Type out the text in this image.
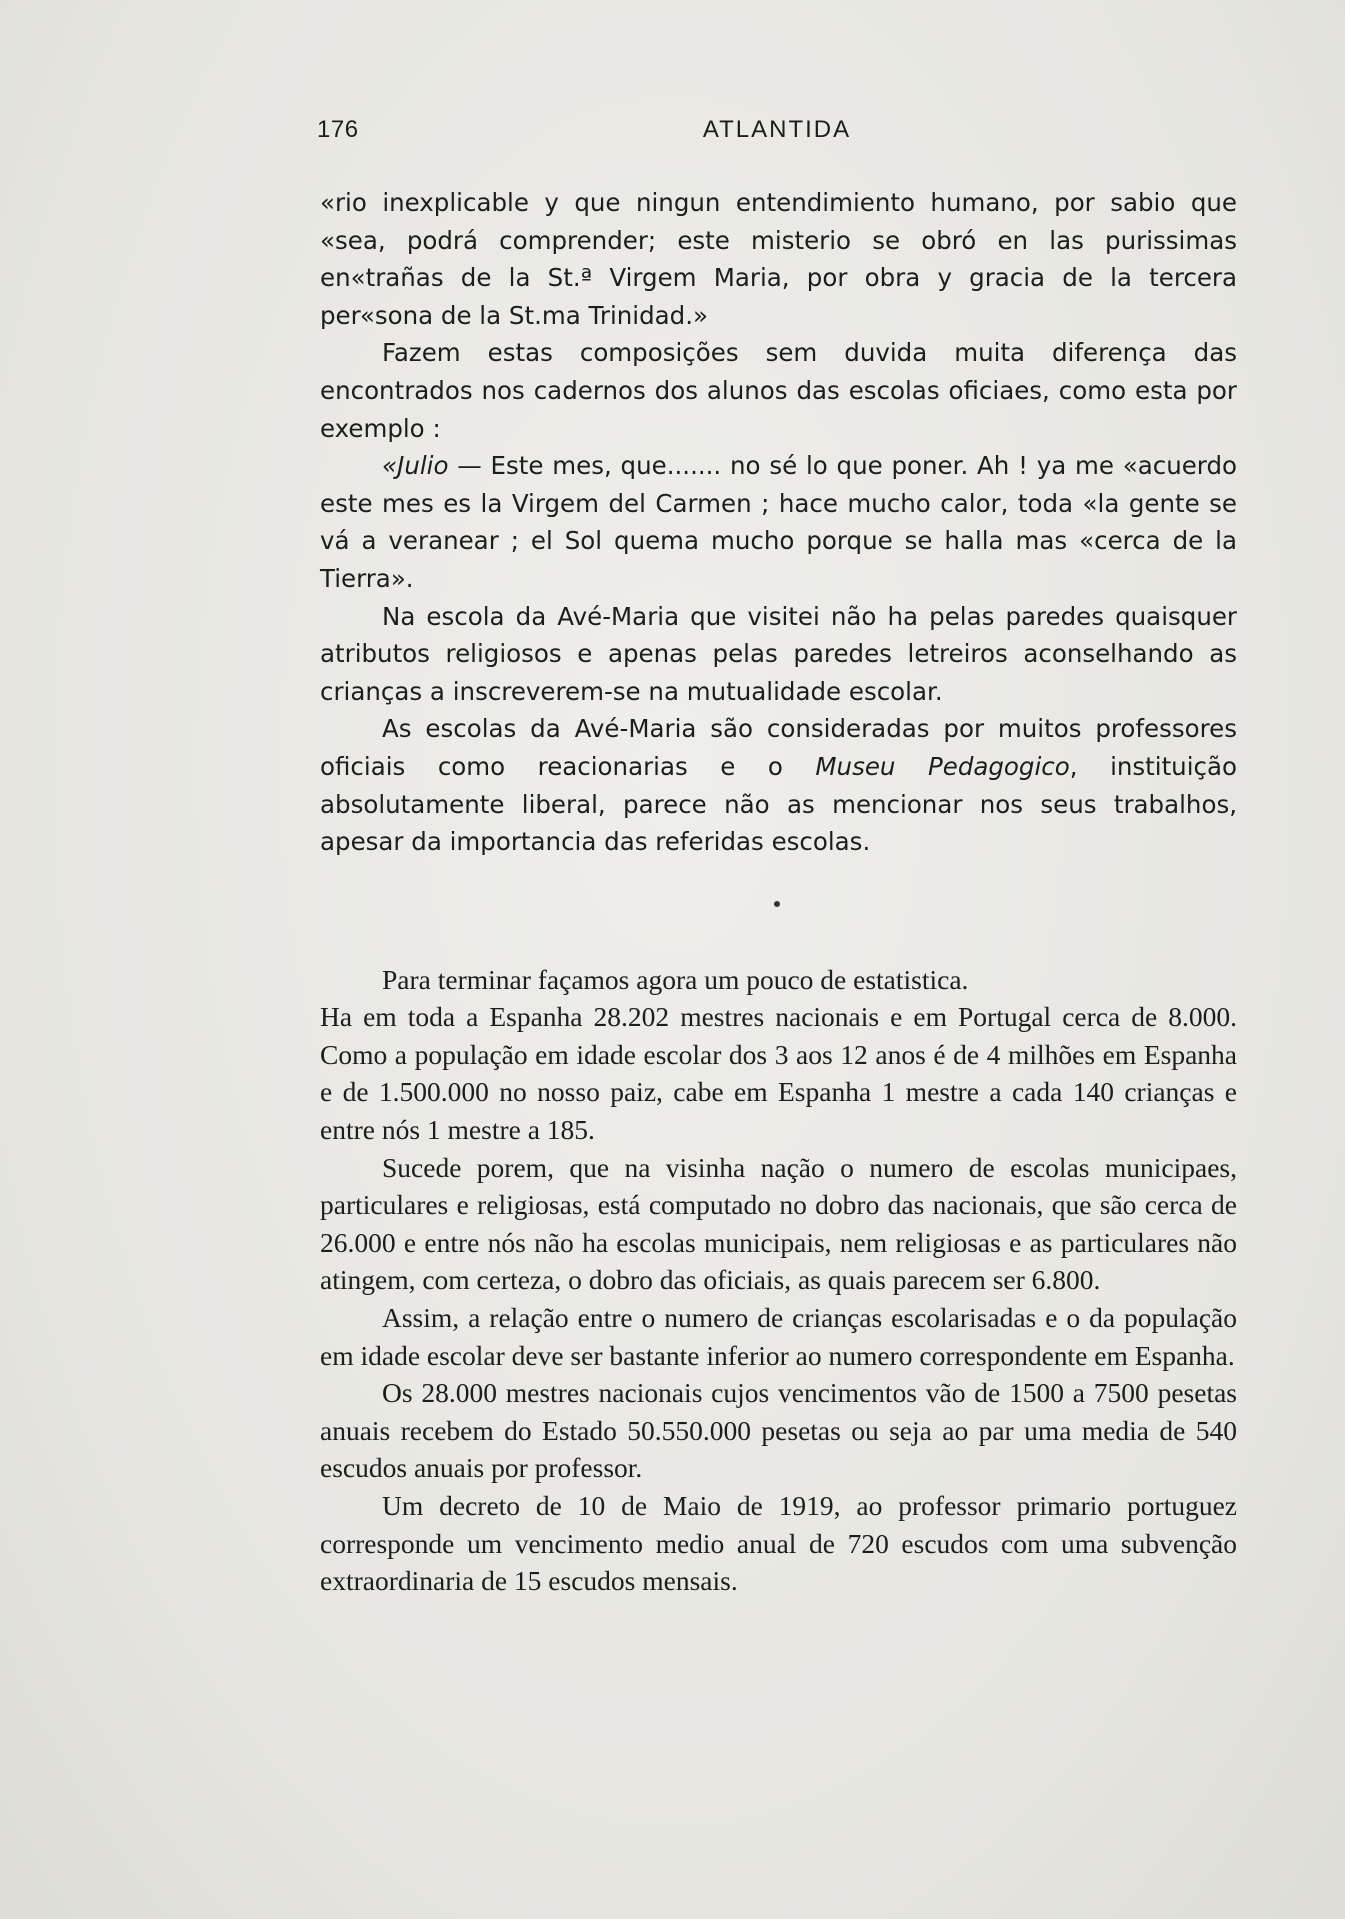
176	ATLANTIDA

«rio inexplicable y que ningun entendimiento humano, por sabio que «sea, podrá comprender; este misterio se obró en las purissimas en«trañas de la St.ª Virgem Maria, por obra y gracia de la tercera per«sona de la St.ma Trinidad.»

Fazem estas composições sem duvida muita diferença das encontrados nos cadernos dos alunos das escolas oficiaes, como esta por exemplo :

«Julio — Este mes, que....... no sé lo que poner. Ah ! ya me «acuerdo este mes es la Virgem del Carmen ; hace mucho calor, toda «la gente se vá a veranear ; el Sol quema mucho porque se halla mas «cerca de la Tierra».

Na escola da Avé-Maria que visitei não ha pelas paredes quaisquer atributos religiosos e apenas pelas paredes letreiros aconselhando as crianças a inscreverem-se na mutualidade escolar.

As escolas da Avé-Maria são consideradas por muitos professores oficiais como reacionarias e o Museu Pedagogico, instituição absolutamente liberal, parece não as mencionar nos seus trabalhos, apesar da importancia das referidas escolas.

Para terminar façamos agora um pouco de estatistica.

Ha em toda a Espanha 28.202 mestres nacionais e em Portugal cerca de 8.000. Como a população em idade escolar dos 3 aos 12 anos é de 4 milhões em Espanha e de 1.500.000 no nosso paiz, cabe em Espanha 1 mestre a cada 140 crianças e entre nós 1 mestre a 185.

Sucede porem, que na visinha nação o numero de escolas municipaes, particulares e religiosas, está computado no dobro das nacionais, que são cerca de 26.000 e entre nós não ha escolas municipais, nem religiosas e as particulares não atingem, com certeza, o dobro das oficiais, as quais parecem ser 6.800.

Assim, a relação entre o numero de crianças escolarisadas e o da população em idade escolar deve ser bastante inferior ao numero correspondente em Espanha.

Os 28.000 mestres nacionais cujos vencimentos vão de 1500 a 7500 pesetas anuais recebem do Estado 50.550.000 pesetas ou seja ao par uma media de 540 escudos anuais por professor.

Um decreto de 10 de Maio de 1919, ao professor primario portuguez corresponde um vencimento medio anual de 720 escudos com uma subvenção extraordinaria de 15 escudos mensais.
